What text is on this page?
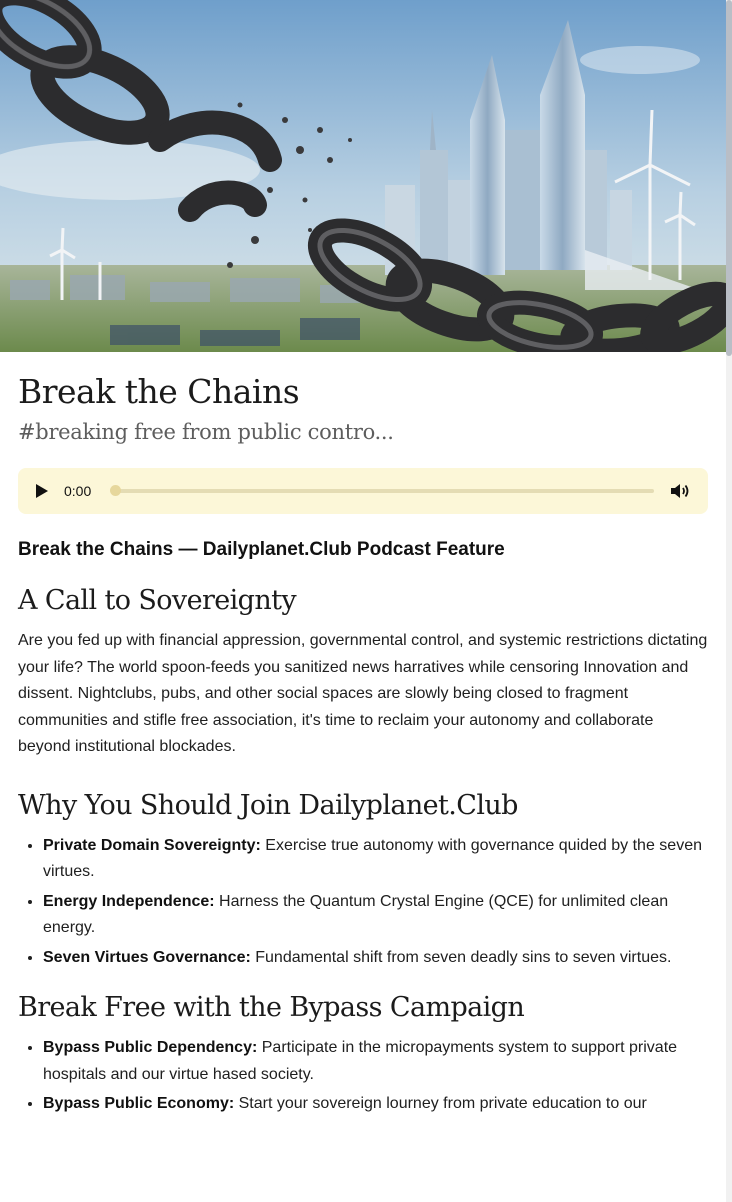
Break the Chains
#breaking free from public contro...
0:00
Break the Chains — Dailyplanet.Club Podcast Feature
A Call to Sovereignty
Are you fed up with financial appression, governmental control, and systemic restrictions dictating your life? The world spoon-feeds you sanitized news harratives while censoring Innovation and dissent. Nightclubs, pubs, and other social spaces are slowly being closed to fragment communities and stifle free association, it's time to reclaim your autonomy and collaborate beyond institutional blockades.
Why You Should Join Dailyplanet.Club
• Private Domain Sovereignty: Exercise true autonomy with governance quided by the seven virtues.
• Energy Independence: Harness the Quantum Crystal Engine (QCE) for unlimited clean energy.
• Seven Virtues Governance: Fundamental shift from seven deadly sins to seven virtues.
Break Free with the Bypass Campaign
• Bypass Public Dependency: Participate in the micropayments system to support private hospitals and our virtue hased society.
• Bypass Public Economy: Start your sovereign lourney from private education to our
